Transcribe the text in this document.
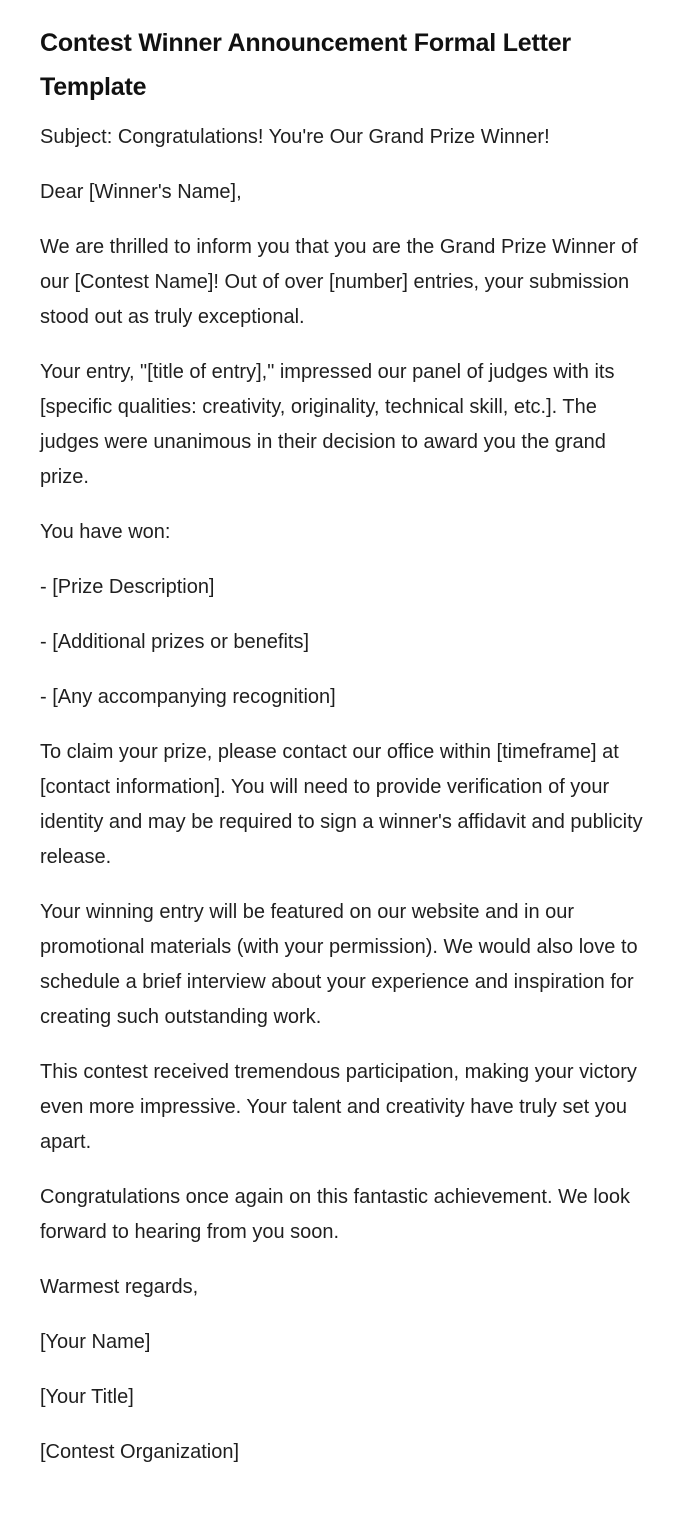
Contest Winner Announcement Formal Letter Template

Subject: Congratulations! You're Our Grand Prize Winner!

Dear [Winner's Name],

We are thrilled to inform you that you are the Grand Prize Winner of our [Contest Name]! Out of over [number] entries, your submission stood out as truly exceptional.

Your entry, "[title of entry]," impressed our panel of judges with its [specific qualities: creativity, originality, technical skill, etc.]. The judges were unanimous in their decision to award you the grand prize.

You have won:

- [Prize Description]

- [Additional prizes or benefits]

- [Any accompanying recognition]

To claim your prize, please contact our office within [timeframe] at [contact information]. You will need to provide verification of your identity and may be required to sign a winner's affidavit and publicity release.

Your winning entry will be featured on our website and in our promotional materials (with your permission). We would also love to schedule a brief interview about your experience and inspiration for creating such outstanding work.

This contest received tremendous participation, making your victory even more impressive. Your talent and creativity have truly set you apart.

Congratulations once again on this fantastic achievement. We look forward to hearing from you soon.

Warmest regards,

[Your Name]

[Your Title]

[Contest Organization]
